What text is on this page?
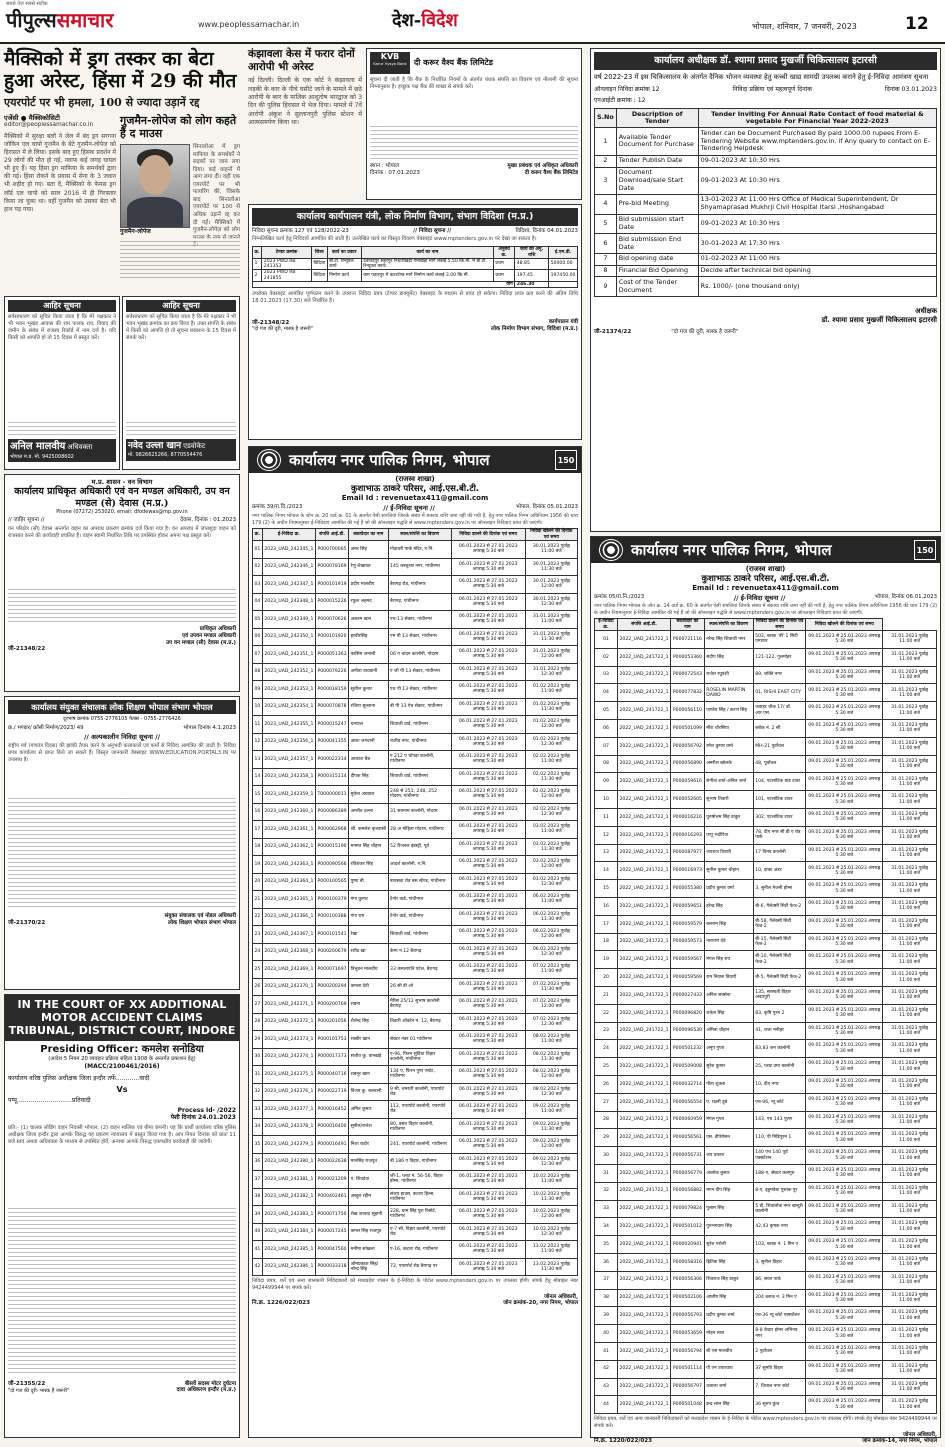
सबसे तेज़ सबसे सटीक
पीपुल्ससमाचार	www.peoplessamachar.in	देश-विदेश	भोपाल, शनिवार, 7 जनवरी, 2023	12
मैक्सिको में ड्रग तस्कर का बेटा हुआ अरेस्ट, हिंसा में 29 की मौत
एयरपोर्ट पर भी हमला, 100 से ज्यादा उड़ानें रद्द
एजेंसी ● मैक्सिकोसिटी
editor@peoplessamachar.co.in
मैक्सिको में सुरक्षा बलों ने जेल में बंद ड्रग सरगना जोकिन एल चापो गुजमैन के बेटे गुजमैन-लोपेज को हिरासत में ले लिया। इसके बाद हुए हिंसक प्रदर्शन में 29 लोगों की मौत हो गई, नवाफ कई जगह घायल भी हुए हैं। यह हिंसा ड्रग माफिया के समर्थकों द्वारा की गई। हिंसा रोकने के प्रयास में सेना के 3 जवान भी शहीद हो गए। बता दें, मैक्सिको के फेमस ड्रग लॉर्ड एल चापो को साल 2016 में ही गिरफ्तार किया जा चुका था। वहीं गुजमैन को उसका बेटा भी हाथ पड़ गया।
गुजमैन-लोपेज को लोग कहते हैं द माउस
सिनालोआ में ड्रग माफिया के समर्थकों ने सड़कों पर जाम लगा दिया। कई वाहनों में आग लगा दी। वहीं एक एयरपोर्ट पर भी फायरिंग की, जिसके बाद सिनालोआ एयरपोर्ट पर 100 से अधिक उड़ानें रद्द कर दी गईं। मैक्सिको में गुजमैन-लोपेज़ को लोग
गुजमैन-लोपेज
आहिर सूचना
सर्वसाधारण को सूचित किया जाता है कि मेरे पक्षकार ने भी भवन भूखंड आवास की राम पालक राय, विवाद की जमीन के संबंध में राजस्व रिकॉर्ड में नाम दर्ज है। यदि किसी को आपत्ति हो तो 15 दिवस में प्रस्तुत करें।
अनिल मालवीय अधिवक्ता
भोपाल म.प्र. मो. 9425008602
आहिर सूचना
सर्वसाधारण को सूचित किया जाता है कि मेरे पक्षकार ने भी भवन भूखंड क्रमांक का क्रय किया है। उक्त संपत्ति के संबंध में किसी को आपत्ति हो तो सूचना प्रकाशन के 15 दिवस में संपर्क करें।
नवेद उल्ला खान एडवोकेट
मो. 9826625266, 8770554476
म.प्र. शासन - वन विभाग
कार्यालय प्राधिकृत अधिकारी एवं वन मण्डल अधिकारी, उप वन मण्डल (से) देवास (म.प्र.)
Phone (07272) 253020, email: dfodewas@mp.gov.in
// जाहिर सूचना //	देवास, दिनांक : 01.2023
वन परिक्षेत्र (सी) देवास अन्तर्गत वाहन का अपराध प्रकरण क्रमांक दर्ज किया गया है। वन अपराध में जप्तशुदा वाहन को राजसात करने की कार्यवाही प्रचलित है। वाहन स्वामी निर्धारित तिथि पर उपस्थित होकर अपना पक्ष प्रस्तुत करें।
प्राधिकृत अधिकारी
एवं उपवन मण्डल अधिकारी
उप वन मण्डल (सी) देवास (म.प्र.)
जी-21348/22
कार्यालय संयुक्त संचालक लोक शिक्षण भोपाल संभाग भोपाल
दूरभाष क्रमांक 0755-2776105 फैक्स - 0755-2776426
क्र./ भण्डार/ क्रॉसी निर्माण/2023/ 49	भोपाल दिनांक 4.1.2023
// अल्पकालीन निविदा सूचना //
राष्ट्रीय पर्व (गणतंत्र दिवस) की झांकी तैयार करने के अनुभवी कलाकारों एवं फर्मों से निविदा आमंत्रित की जाती है। निविदा प्रपत्र कार्यालय से प्राप्त किये जा सकते हैं। विस्तृत जानकारी वेबसाइट WWW.EDUCATION.PORTAL3.IN पर उपलब्ध है।
जी-21370/22
संयुक्त संचालक एवं नोडल अधिकारी
लोक शिक्षण भोपाल संभाग भोपाल
IN THE COURT OF XX ADDITIONAL
MOTOR ACCIDENT CLAIMS
TRIBUNAL, DISTRICT COURT, INDORE
Presiding Officer: कमलेश सनोडिया
(आदेश 5 नियम 20 व्यवहार प्रक्रिया संहिता 1908 के अन्तर्गत प्रकाशन हेतु)
(MACC/2100461/2016)
कार्यालय वरिष्ठ पुलिस अधीक्षक जिला इन्दौर तर्फे............वादी
Vs
पप्पू............................प्रतिवादी
Process Id- /2022
पेशी दिनांक 24.01.2023
प्रति:- (1) चालक लोडिंग वाहन निवासी भोपाल, (2) वाहन मालिक एवं बीमा कंपनी। यह कि प्रार्थी कार्यालय वरिष्ठ पुलिस अधीक्षक जिला इन्दौर द्वारा आपके विरुद्ध यह प्रकरण न्यायालय में प्रस्तुत किया गया है। आप नियत दिनांक को प्रातः 11 बजे स्वयं अथवा अधिवक्ता के माध्यम से उपस्थित होवें, अन्यथा आपके विरुद्ध एकपक्षीय कार्यवाही की जावेगी।
जी-21355/22
"दो गज की दूरी- मास्क है जरूरी"
बीसवें सदस्य मोटर दुर्घटना
दावा अधिकरण इन्दौर (म.प्र.)
कंझावला केस में फरार दोनों आरोपी भी अरेस्ट
नई दिल्ली। दिल्ली के एक कोर्ट ने कंझावला में लड़की के कार के नीचे घसीटे जाने के मामले में छठे आरोपी के कार के मालिक आशुतोष भारद्वाज को 3 दिन की पुलिस हिरासत में भेज दिया। मामले में 7वें आरोपी अंकुश ने सुल्तानपुरी पुलिस स्टेशन में आत्मसमर्पण किया था।
KVB
Karur Vysya Bank दी करूर वैश्य बैंक लिमिटेड
सूचना दी जाती है कि बैंक के निर्धारित नियमों के अंतर्गत बंधक संपत्ति का विवरण एवं नीलामी की सूचना निम्नानुसार है। इच्छुक पक्ष बैंक की शाखा से संपर्क करें।
स्थान : भोपाल
दिनांक : 07.01.2023
मुख्य प्रबंधक एवं अधिकृत अधिकारी
दी करूर वैश्य बैंक लिमिटेड
कार्यालय कार्यपालन यंत्री, लोक निर्माण विभाग, संभाग विदिशा (म.प्र.)
निविदा सूचना क्रमांक 127 एवं 128/2022-23	// निविदा सूचना //	विदिशा, दिनांक 04.01.2023
निम्नलिखित कार्य हेतु निविदायें आमंत्रित की जाती हैं। उल्लेखित कार्य का विस्तृत विवरण वेबसाइट www.mptenders.gov.in पर देखा जा सकता है।
क्र.	टेण्डर क्रमांक	जिला	कार्य का प्रकार	कार्य का नाम	अनुबंध क्र.	कार्य की अनु. राशि	ई.एम.डी.
1	2023 PWD RB 241353	विदिशा	बी.टी. रिन्यूवल कार्य	दतावदपुर सहरपुर निधारीखेड़ी गमाखेड़ा मार्ग लंबाई 5.50 कि.मी. में बी.टी. रिन्यूवल कार्य।	प्रथम	48.85	50000.00
2	2023 PWD RB 241855	विदिशा	निर्माण कार्य	ग्राम पठारपुर में कटरटेण्ड मार्ग निर्माण कार्य लंबाई 3.00 कि.मी.	प्रथम	197.45	197450.00
योग						246.30	
उपरोक्त वेबसाइट आमंत्रित पूर्णयतन करने के उपरान्त निविदा प्रपत्र (टेण्डर डाक्यूमेंट) वेबसाइट के माध्यम से प्राप्त हो सकेगा। निविदा प्रपत्र क्रय करने की अंतिम तिथि 18.01.2023 (17.30) बजे निर्धारित है।
जी-21348/22
"दो गज की दूरी, मास्क है जरूरी"
कार्यपालन यंत्री
लोक निर्माण विभाग संभाग, विदिशा (म.प्र.)
कार्यालय नगर पालिक निगम, भोपाल	150
(राजस्व शाखा)
कुशाभाऊ ठाकरे परिसर, आई.एस.बी.टी.
Email Id : revenuetax411@gmail.com
क्रमांक 39/रा.वि./2023	// ई-निविदा सूचना //	भोपाल, दिनांक 05.01.2023
नगर पालिक निगम भोपाल के जोन क्र. 20 वार्ड क्र. 01 के अंतर्गत ऐसी संपत्तियां जिनके संबंध में बकाया राशि जमा नहीं की गयी है, हेतु नगर पालिक निगम अधिनियम 1956 की धारा 179 (2) के अधीन नियमानुसार ई-निविदाएं आमंत्रित की गई हैं जो की ऑनलाइन पद्धति से www.mptenders.gov.in पर ऑनलाइन निविदाएं प्राप्त की जाएंगी।
क्र.	ई-निविदा क्र.	संपत्ति आई.डी.	बकायेदार का नाम	स्थल/संपत्ति का विवरण	निविदा डालने की दिनांक एवं समय	निविदा खोलने की दिनांक एवं समय
01	2023_UAD_242345_1	P000700065	अमर सिंह	गोदावरी पार्क मंदिर, ग.नि.	06.01.2023 से 27.01.2023 अपराह्न 5:30 बजे	30.01.2023 पूर्वाह्न 11:00 बजे
02	2023_UAD_242346_1	P000078169	रेणु शेखावत	145 कस्तूरबा नगर, गांधीनगर	06.01.2023 से 27.01.2023 अपराह्न 5:30 बजे	30.01.2023 पूर्वाह्न 11:30 बजे
03	2023_UAD_242347_1	P000101919	प्रदीप मालवीय	बैरागढ़ रोड, गांधीनगर	06.01.2023 से 27.01.2023 अपराह्न 5:30 बजे	30.01.2023 पूर्वाह्न 12:00 बजे
04	2023_UAD_242348_1	P000015226	रफ़ूल अहमद	बैरागढ़, गांधीनगर	06.01.2023 से 27.01.2023 अपराह्न 5:30 बजे	30.01.2023 पूर्वाह्न 12:30 बजे
05	2023_UAD_242349_1	P000070626	अकरम खान	एच-13 सेक्टर, गांधीनगर	06.01.2023 से 27.01.2023 अपराह्न 5:30 बजे	31.01.2023 पूर्वाह्न 11:00 बजे
06	2023_UAD_242350_1	P000101920	हरवीरसिंह	एम पी 13 सेक्टर, गांधीनगर	06.01.2023 से 27.01.2023 अपराह्न 5:30 बजे	31.01.2023 पूर्वाह्न 11:30 बजे
07	2023_UAD_242351_1	P000051363	कासिम जमाली	06 ए चांदन कालोनी, गोदरम	06.01.2023 से 27.01.2023 अपराह्न 5:30 बजे	31.01.2023 पूर्वाह्न 12:00 बजे
08	2023_UAD_242352_1	P000079226	अनीता वाधवानी	ए जी पी 13 सेक्टर, गांधीनगर	06.01.2023 से 27.01.2023 अपराह्न 5:30 बजे	31.01.2023 पूर्वाह्न 12:30 बजे
09	2023_UAD_242353_1	P000018159	सुशील कुमार	एच पी 13 सेक्टर, गांधीनगर	06.01.2023 से 27.01.2023 अपराह्न 5:30 बजे	01.02.2023 पूर्वाह्न 11:00 बजे
10	2023_UAD_242354_1	P000070878	रजिया सुल्ताना	बी पी 13 ऐच सेक्टर, गांधीनगर	06.01.2023 से 27.01.2023 अपराह्न 5:30 बजे	01.02.2023 पूर्वाह्न 11:30 बजे
11	2023_UAD_242355_1	P000015247	धनपाल	शिवाजी वार्ड, गांधीनगर	06.01.2023 से 27.01.2023 अपराह्न 5:30 बजे	01.02.2023 पूर्वाह्न 12:00 बजे
12	2023_UAD_242356_1	P000041355	आशा जगवानी	राजीव नगर, गांधीनगर	06.01.2023 से 27.01.2023 अपराह्न 5:30 बजे	01.02.2023 पूर्वाह्न 12:30 बजे
13	2023_UAD_242357_1	P000022314	आकाश बैश	ए 212 ए चोपड़ा कालोनी, गांधीनगर	06.01.2023 से 27.01.2023 अपराह्न 5:30 बजे	02.02.2023 पूर्वाह्न 11:00 बजे
14	2023_UAD_242358_1	P000315114	दीपक सिंह	शिवाजी वार्ड, गांधीनगर	06.01.2023 से 27.01.2023 अपराह्न 5:30 बजे	02.02.2023 पूर्वाह्न 11:30 बजे
15	2023_UAD_242359_1	T000000011	मुकेश अग्रवाल	248 से 251, 248, 252 गोदरम, गांधीनगर	06.01.2023 से 27.01.2023 अपराह्न 5:30 बजे	02.02.2023 पूर्वाह्न 12:00 बजे
16	2023_UAD_242360_1	P000086389	अमरीत ढल्ला	31 सतनाम कालोनी, गोदरम	06.01.2023 से 27.01.2023 अपराह्न 5:30 बजे	02.02.2023 पूर्वाह्न 12:30 बजे
17	2023_UAD_242361_1	P000062968	श्री. कमलेश बृजवासी	28 अ मोहिता गोदरम, गांधीनगर	06.01.2023 से 27.01.2023 अपराह्न 5:30 बजे	03.02.2023 पूर्वाह्न 11:00 बजे
18	2023_UAD_242362_1	P000015190	मनमत सिंह चौहान	52 रिजनल इंडस्ट्री, पूर्व	06.01.2023 से 27.01.2023 अपराह्न 5:30 बजे	03.02.2023 पूर्वाह्न 11:30 बजे
19	2023_UAD_242363_1	P000090566	रविशंकर सिंह	आदर्श कालोनी, ग.नि.	06.01.2023 से 27.01.2023 अपराह्न 5:30 बजे	03.02.2023 पूर्वाह्न 12:00 बजे
20	2023_UAD_242364_1	P000100565	पुष्पा बी.	बाघसवा रोड बस स्टैण्ड, गांधीनगर	06.01.2023 से 27.01.2023 अपराह्न 5:30 बजे	03.02.2023 पूर्वाह्न 12:30 बजे
21	2023_UAD_242365_1	P000100379	गंगा कुमार	टैगोर वार्ड, गांधीनगर	06.01.2023 से 27.01.2023 अपराह्न 5:30 बजे	06.02.2023 पूर्वाह्न 11:00 बजे
22	2023_UAD_242366_1	P000100388	गंगा राम	टैगोर वार्ड, गांधीनगर	06.01.2023 से 27.01.2023 अपराह्न 5:30 बजे	06.02.2023 पूर्वाह्न 11:30 बजे
23	2023_UAD_242367_1	P000101541	रेखा	शिवाजी वार्ड, गांधीनगर	06.01.2023 से 27.01.2023 अपराह्न 5:30 बजे	06.02.2023 पूर्वाह्न 12:00 बजे
24	2023_UAD_242368_1	P000200679	रशीद खां	केम्प नं.12 बैरागढ़	06.01.2023 से 27.01.2023 अपराह्न 5:30 बजे	06.02.2023 पूर्वाह्न 12:30 बजे
25	2023_UAD_242369_1	P000071697	त्रिभुवन मालवीय	33 कमलापति पटेल, बैरागढ़	06.01.2023 से 27.01.2023 अपराह्न 5:30 बजे	07.02.2023 पूर्वाह्न 11:00 बजे
26	2023_UAD_242370_1	P000200294	कमला देवी	26 सी डी ओ	06.01.2023 से 27.01.2023 अपराह्न 5:30 बजे	07.02.2023 पूर्वाह्न 11:30 बजे
27	2023_UAD_242371_1	P000200769	शबना	मैरिस 25/12 सुभाष कालोनी बैरागढ़	06.01.2023 से 27.01.2023 अपराह्न 5:30 बजे	07.02.2023 पूर्वाह्न 12:00 बजे
28	2023_UAD_242372_1	P000201056	शैलेन्द्र सिंह	तिवारी ऑक्टेन नं. 12, बैरागढ़	06.01.2023 से 27.01.2023 अपराह्न 5:30 बजे	07.02.2023 पूर्वाह्न 12:30 बजे
29	2023_UAD_242373_1	P000101753	शब्बीर खान	सेक्टर नंबर 01 गांधीनगर	06.01.2023 से 27.01.2023 अपराह्न 5:30 बजे	08.02.2023 पूर्वाह्न 11:00 बजे
30	2023_UAD_242374_1	P000017373	संजीव कु. वानखड़े	ए-96, फिरन सुविधा विहार कालोनी, गांधीनगर	06.01.2023 से 27.01.2023 अपराह्न 5:30 बजे	08.02.2023 पूर्वाह्न 11:30 बजे
31	2023_UAD_242375_1	P000040716	शबनूर खान	134 ए, फिरन पुष्प एस्टेट, गांधीनगर	06.01.2023 से 27.01.2023 अपराह्न 5:30 बजे	08.02.2023 पूर्वाह्न 12:00 बजे
32	2023_UAD_242376_1	P000022719	विजय कु. बलवानी	9 सी, चमरारी कालोनी, एयरपोर्ट रोड	06.01.2023 से 27.01.2023 अपराह्न 5:30 बजे	08.02.2023 पूर्वाह्न 12:30 बजे
33	2023_UAD_242377_1	P000016452	अमित कुमार	112, एयरपोर्ट कालोनी, एयरपोर्ट रोड	06.01.2023 से 27.01.2023 अपराह्न 5:30 बजे	09.02.2023 पूर्वाह्न 11:00 बजे
34	2023_UAD_242378_1	P000016400	सुनील/राजेश	80, वसंत विहार कालोनी, गांधीनगर	06.01.2023 से 27.01.2023 अपराह्न 5:30 बजे	09.02.2023 पूर्वाह्न 11:30 बजे
35	2023_UAD_242379_1	P000016491	निशा राठौर	241, एयरपोर्ट कालोनी, गांधीनगर	06.01.2023 से 27.01.2023 अपराह्न 5:30 बजे	09.02.2023 पूर्वाह्न 12:00 बजे
36	2023_UAD_242380_1	P000022638	मानसिंह राजपूत	बी 186 ए विहार, गांधीनगर	06.01.2023 से 27.01.2023 अपराह्न 5:30 बजे	09.02.2023 पूर्वाह्न 12:30 बजे
37	2023_UAD_242381_1	P000021209	ए. शिवदेवा	जी-1, प्लाट नं. 56-56, विहार होम्स, गांधीनगर	06.01.2023 से 27.01.2023 अपराह्न 5:30 बजे	10.02.2023 पूर्वाह्न 11:00 बजे
38	2023_UAD_242382_1	P000402461	अब्दुल रहीम	संजय हाउस, कटारा हिल्स, गांधीनगर	06.01.2023 से 27.01.2023 अपराह्न 5:30 बजे	10.02.2023 पूर्वाह्न 11:30 बजे
39	2023_UAD_242383_1	P000071750	शेख जव्वाद सुहानी	228, ग्राम सिंह पुरा रिसोर्ट, गांधीनगर	06.01.2023 से 27.01.2023 अपराह्न 5:30 बजे	10.02.2023 पूर्वाह्न 12:00 बजे
40	2023_UAD_242384_1	P000017245	कमल सिंह राजपूत	ए-7 सी, विहार कालोनी, एयरपोर्ट रोड	06.01.2023 से 27.01.2023 अपराह्न 5:30 बजे	10.02.2023 पूर्वाह्न 12:30 बजे
41	2023_UAD_242385_1	P000047560	मनीषा सांखला	ए-16, कटारा रोड, गांधीनगर	06.01.2023 से 27.01.2023 अपराह्न 5:30 बजे	13.02.2023 पूर्वाह्न 11:00 बजे
42	2023_UAD_242386_1	P000033318	ओमप्रकाश सिंह/नरेन्द्र सिंह	72, एयरपोर्ट रोड बैरागढ़ पर	06.01.2023 से 27.01.2023 अपराह्न 5:30 बजे	13.02.2023 पूर्वाह्न 11:30 बजे
निविदा प्रपत्र, शर्तें एवं अन्य जानकारी निविदाकारों को मध्यप्रदेश शासन के ई-निविदा के पोर्टल www.mptenders.gov.in पर उपलब्ध होंगी। संपर्क हेतु मोबाइल नंबर 9424499944 पर संपर्क करें।
नि.क्र. 1226/022/023
जोनल अधिकारी,
जोन क्रमांक-20, नगर निगम, भोपाल
कार्यालय अधीक्षक डॉ. श्यामा प्रसाद मुखर्जी चिकित्सालय इटारसी
वर्ष 2022-23 में इस चिकित्सालय के अंतर्गत दैनिक भोजन व्यवस्था हेतु कच्ची खाद्य सामग्री उपलब्ध कराने हेतु ई-निविदा आमंत्रण सूचना
ऑनलाइन निविदा क्रमांक 12	निविदा प्रक्रिया एवं महत्वपूर्ण दिनांक	दिनांक 03.01.2023
एनआईटी क्रमांक : 12
S.No	Description of Tender	Tender Inviting For Annual Rate Contact of food material & vegetable For Financial Year 2022-2023
1	Available Tender Document for Purchase	Tender can be Document Purchased By paid 1000.00 rupees From E-Tendering Website www.mptenders.gov.in. if Any query to contact on E-Tendering Helpdesk
2	Tender Publish Date	09-01-2023 At 10:30 Hrs
3	Document Download/sale Start Date	09-01-2023 At 10:30 Hrs
4	Pre-bid Meeting	13-01-2023 At 11:00 Hrs Office of Medical Superintendent, Dr Shyamaprasad Mukhrji Civil Hospital Itarsi ,Hoshangabad
5	Bid submission start Date	09-01-2023 At 10:30 Hrs
6	Bid submission End Date	30-01-2023 At 17:30 Hrs
7	Bid opening date	01-02-2023 At 11:00 Hrs
8	Financial Bid Opening	Decide after technical bid opening
9	Cost of the Tender Document	Rs. 1000/- (one thousand only)
अधीक्षक
डॉ. श्यामा प्रसाद मुखर्जी चिकित्सालय इटारसी
जी-21374/22	"दो गज की दूरी, मास्क है जरूरी"
कार्यालय नगर पालिक निगम, भोपाल	150
(राजस्व शाखा)
कुशाभाऊ ठाकरे परिसर, आई.एस.बी.टी.
Email Id : revenuetax411@gmail.com
क्रमांक 05/रा.नि./2023	// ई-निविदा सूचना //	भोपाल, दिनांक 06.01.2023
नगर पालिक निगम भोपाल के जोन क्र. 14 वार्ड क्र. 60 के अंतर्गत ऐसी संपत्तियां जिनके संबंध में बकाया राशि जमा नहीं की गयी है, हेतु नगर पालिक निगम अधिनियम 1956 की धारा 179 (2) के अधीन नियमानुसार ई-निविदा आमंत्रित की गई हैं जो की ऑनलाइन पद्धति से www.mptenders.gov.in पर ऑनलाइन निविदाएं प्राप्त की जाएंगी।
ई-निविदा क्र.	संपत्ति आई.डी.	बकायेदार का नाम	स्थल/संपत्ति का विवरण	निविदा डालने की दिनांक एवं समय	निविदा खोलने की दिनांक एवं समय	
01	2022_UAD_241722_1	P000721116	नरेन्द्र सिंह शिवाजी नगर	502, ब्लाक 'बी' 1 सिटी एम्पायर	09.01.2023 से 25.01.2023 अपराह्न 5:30 बजे	31.01.2023 पूर्वाह्न 11:00 बजे
02	2022_UAD_241722_1	P000053360	संदीप सिंह	121-122, गुलमोहर	09.01.2023 से 25.01.2023 अपराह्न 5:30 बजे	31.01.2023 पूर्वाह्न 11:00 बजे
03	2022_UAD_241722_1	P000072543	राजेश रघुवंशी	89, शक्ति नगर	09.01.2023 से 25.01.2023 अपराह्न 5:30 बजे	31.01.2023 पूर्वाह्न 11:00 बजे
04	2022_UAD_241722_1	P000077832	ROSELIN MARTIN DAWD	01, RISHI EAST CITY	09.01.2023 से 25.01.2023 अपराह्न 5:30 बजे	31.01.2023 पूर्वाह्न 11:00 बजे
05	2022_UAD_241722_1	P000056110	पाण्डेय सिंह / करण सिंह	जवाहर चौक 17/ डॉ. आर.एस.	09.01.2023 से 25.01.2023 अपराह्न 5:30 बजे	31.01.2023 पूर्वाह्न 11:00 बजे
06	2022_UAD_241722_1	P000501099	मीरा चौरसिया	ब्लॉक नं. 2 सी	09.01.2023 से 25.01.2023 अपराह्न 5:30 बजे	31.01.2023 पूर्वाह्न 11:00 बजे
07	2022_UAD_241722_1	P000056792	रमेश कुमार वर्मा	MH-21 पूर्वांचल	09.01.2023 से 25.01.2023 अपराह्न 5:30 बजे	31.01.2023 पूर्वाह्न 11:00 बजे
08	2022_UAD_241722_1	P000056890	अमरीश खोलके	48, पूर्वांचल	09.01.2023 से 25.01.2023 अपराह्न 5:30 बजे	31.01.2023 पूर्वाह्न 11:00 बजे
09	2022_UAD_241722_1	P000059616	संगीता शर्मा-अनिल शर्मा	104, एटलांटिक ग्रांड टावर	09.01.2023 से 25.01.2023 अपराह्न 5:30 बजे	31.01.2023 पूर्वाह्न 11:00 बजे
10	2022_UAD_241722_1	P000052605	सुभाष तिवारी	101, एटलांटिक टावर	09.01.2023 से 25.01.2023 अपराह्न 5:30 बजे	31.01.2023 पूर्वाह्न 11:00 बजे
11	2022_UAD_241722_1	P000016216	पुरुषोत्तम सिंह ठाकुर	302, एटलांटिक टावर	09.01.2023 से 25.01.2023 अपराह्न 5:30 बजे	31.01.2023 पूर्वाह्न 11:00 बजे
12	2022_UAD_241722_1	P000016293	पप्पू भदौरिया	78, दीप नगर सी डी ए रोड पार्क	09.01.2023 से 25.01.2023 अपराह्न 5:30 बजे	31.01.2023 पूर्वाह्न 11:00 बजे
13	2022_UAD_241722_1	P000087977	जयराज तिवारी	17 विनय कालोनी	09.01.2023 से 25.01.2023 अपराह्न 5:30 बजे	31.01.2023 पूर्वाह्न 11:00 बजे
14	2022_UAD_241722_1	P000016973	सुनील कुमार चौहान	10, दांका अंडर	09.01.2023 से 25.01.2023 अपराह्न 5:30 बजे	31.01.2023 पूर्वाह्न 11:00 बजे
15	2022_UAD_241722_1	P000055380	प्रदीप कुमार वर्मा	3, सुनील मेजनी होम्स	09.01.2023 से 25.01.2023 अपराह्न 5:30 बजे	31.01.2023 पूर्वाह्न 11:00 बजे
16	2022_UAD_241722_1	P000059651	हरेन्द्र सिंह	बी-6, गैलेक्सी सिटी फेज-2	09.01.2023 से 25.01.2023 अपराह्न 5:30 बजे	31.01.2023 पूर्वाह्न 11:00 बजे
17	2022_UAD_241722_1	P000059579	बलराम सिंह	बी-58, गैलेक्सी सिटी फेज-2	09.01.2023 से 25.01.2023 अपराह्न 5:30 बजे	31.01.2023 पूर्वाह्न 11:00 बजे
18	2022_UAD_241722_1	P000059573	नारायण देवे	बी-15, गैलेक्सी सिटी फेज-2	09.01.2023 से 25.01.2023 अपराह्न 5:30 बजे	31.01.2023 पूर्वाह्न 11:00 बजे
19	2022_UAD_241722_1	P000059567	मंगल सिंह राय	बी-10, गैलेक्सी सिटी फेज-2	09.01.2023 से 25.01.2023 अपराह्न 5:30 बजे	31.01.2023 पूर्वाह्न 11:00 बजे
20	2022_UAD_241722_1	P000059569	राम निवास तिवारी	बी-5, गैलेक्सी सिटी फेज-2	09.01.2023 से 25.01.2023 अपराह्न 5:30 बजे	31.01.2023 पूर्वाह्न 11:00 बजे
21	2022_UAD_241722_1	P000027433	अनिल सक्सेना	135, सरस्वती विहार अवधपुरी	09.01.2023 से 25.01.2023 अपराह्न 5:30 बजे	31.01.2023 पूर्वाह्न 11:00 बजे
22	2022_UAD_241722_1	P000096820	राकेश सिंह	83, कृषि पुरम 2	09.01.2023 से 25.01.2023 अपराह्न 5:30 बजे	31.01.2023 पूर्वाह्न 11:00 बजे
23	2022_UAD_241722_1	P000096530	अमिता चौहान	41, राजा मनीहर	09.01.2023 से 25.01.2023 अपराह्न 5:30 बजे	31.01.2023 पूर्वाह्न 11:00 बजे
24	2022_UAD_241722_1	P000501232	अनूप गुप्ता	83,83 जन कालोनी	09.01.2023 से 25.01.2023 अपराह्न 5:30 बजे	31.01.2023 पूर्वाह्न 11:00 बजे
25	2022_UAD_241722_1	P000509008	सुरेश कुमार	25, प्लाट उमा कालोनी	09.01.2023 से 25.01.2023 अपराह्न 5:30 बजे	31.01.2023 पूर्वाह्न 11:00 बजे
26	2022_UAD_241722_1	P000032714	गीता शुक्ला	10, दीप नगर	09.01.2023 से 25.01.2023 अपराह्न 5:30 बजे	31.01.2023 पूर्वाह्न 11:00 बजे
27	2022_UAD_241722_1	P000056554	ए. रक्षनी दुबे	एच-96, न्यू कोर्ट	09.01.2023 से 25.01.2023 अपराह्न 5:30 बजे	31.01.2023 पूर्वाह्न 11:00 बजे
28	2022_UAD_241722_1	P000060959	मंगल गुप्ता	143, एच 143 पुलग	09.01.2023 से 25.01.2023 अपराह्न 5:30 बजे	31.01.2023 पूर्वाह्न 11:00 बजे
29	2022_UAD_241722_1	P000056561	एस. डीपेरोसन	110, पी मिडिपुरम 1	09.01.2023 से 25.01.2023 अपराह्न 5:30 बजे	31.01.2023 पूर्वाह्न 11:00 बजे
30	2022_UAD_241722_1	P000056731	जय प्रकाश	140 एच 140 पूर्व एक्सटेंशन	09.01.2023 से 25.01.2023 अपराह्न 5:30 बजे	31.01.2023 पूर्वाह्न 11:00 बजे
31	2022_UAD_241722_1	P000056779	आलोक कुमार	188-ए, सेक्टर कलगुरु	09.01.2023 से 25.01.2023 अपराह्न 5:30 बजे	31.01.2023 पूर्वाह्न 11:00 बजे
32	2022_UAD_241722_1	P000056882	मगन दीप सिंह	8-ए, इडुमवेस्ट पुस्तक पुर	09.01.2023 से 25.01.2023 अपराह्न 5:30 बजे	31.01.2023 पूर्वाह्न 11:00 बजे
33	2022_UAD_241722_1	P000079824	गुलाम सिंह	5 डी, शिवालोक नगर खन्दूरी कालोनी	09.01.2023 से 25.01.2023 अपराह्न 5:30 बजे	31.01.2023 पूर्वाह्न 11:00 बजे
34	2022_UAD_241722_1	P000501012	गुरुभगवान सिंह	42,43 कृषक नगर	09.01.2023 से 25.01.2023 अपराह्न 5:30 बजे	31.01.2023 पूर्वाह्न 11:00 बजे
35	2022_UAD_241722_1	P000020941	सुरेश परोली	103, ब्लाक नं. 1 मिन ए	09.01.2023 से 25.01.2023 अपराह्न 5:30 बजे	31.01.2023 पूर्वाह्न 11:00 बजे
36	2022_UAD_241722_1	P000058316	ह्रितिक सिंह	3, सुनील विहार	09.01.2023 से 25.01.2023 अपराह्न 5:30 बजे	31.01.2023 पूर्वाह्न 11:00 बजे
37	2022_UAD_241722_1	P000056306	शिवराज सिंह ठाकुर	86, सरल पार्क	09.01.2023 से 25.01.2023 अपराह्न 5:30 बजे	31.01.2023 पूर्वाह्न 11:00 बजे
38	2022_UAD_241722_1	P000502106	आशीष सिंह	204 ब्लाक नं. 3 मिन ए	09.01.2023 से 25.01.2023 अपराह्न 5:30 बजे	31.01.2023 पूर्वाह्न 11:00 बजे
39	2022_UAD_241722_1	P000056793	प्रदीप कुमार शर्मा	एच-36 न्यू कोर्ट एक्सटेंशन	09.01.2023 से 25.01.2023 अपराह्न 5:30 बजे	31.01.2023 पूर्वाह्न 11:00 बजे
40	2022_UAD_241722_1	P000053659	मोहन लाल	8-8 केदार होम्स अभिनव नगर	09.01.2023 से 25.01.2023 अपराह्न 5:30 बजे	31.01.2023 पूर्वाह्न 11:00 बजे
41	2022_UAD_241722_1	P000056794	बी एस मालवीय	2 पूर्वांचल	09.01.2023 से 25.01.2023 अपराह्न 5:30 बजे	31.01.2023 पूर्वाह्न 11:00 बजे
42	2022_UAD_241722_1	P000501114	पी एन उपाध्याय	37 सुमति विहार	09.01.2023 से 25.01.2023 अपराह्न 5:30 बजे	31.01.2023 पूर्वाह्न 11:00 बजे
43	2022_UAD_241722_1	P000056797	उजाला शर्मा	7, विशाल नगर कोर्ट	09.01.2023 से 25.01.2023 अपराह्न 5:30 बजे	31.01.2023 पूर्वाह्न 11:00 बजे
44	2022_UAD_241722_1	P000501048	इन्द्र लाल सिंह	36 सुरुप कुंज	09.01.2023 से 25.01.2023 अपराह्न 5:30 बजे	31.01.2023 पूर्वाह्न 11:00 बजे
निविदा प्रपत्र, शर्तें एवं अन्य जानकारी निविदाकारों को मध्यप्रदेश शासन के ई-निविदा के पोर्टल www.mptenders.gov.in पर उपलब्ध होंगी। संपर्क हेतु मोबाइल नंबर 9424499944 पर संपर्क करें।
नि.क्र. 1220/022/023
जोनल अधिकारी,
जोन क्रमांक-14, नगर निगम, भोपाल
